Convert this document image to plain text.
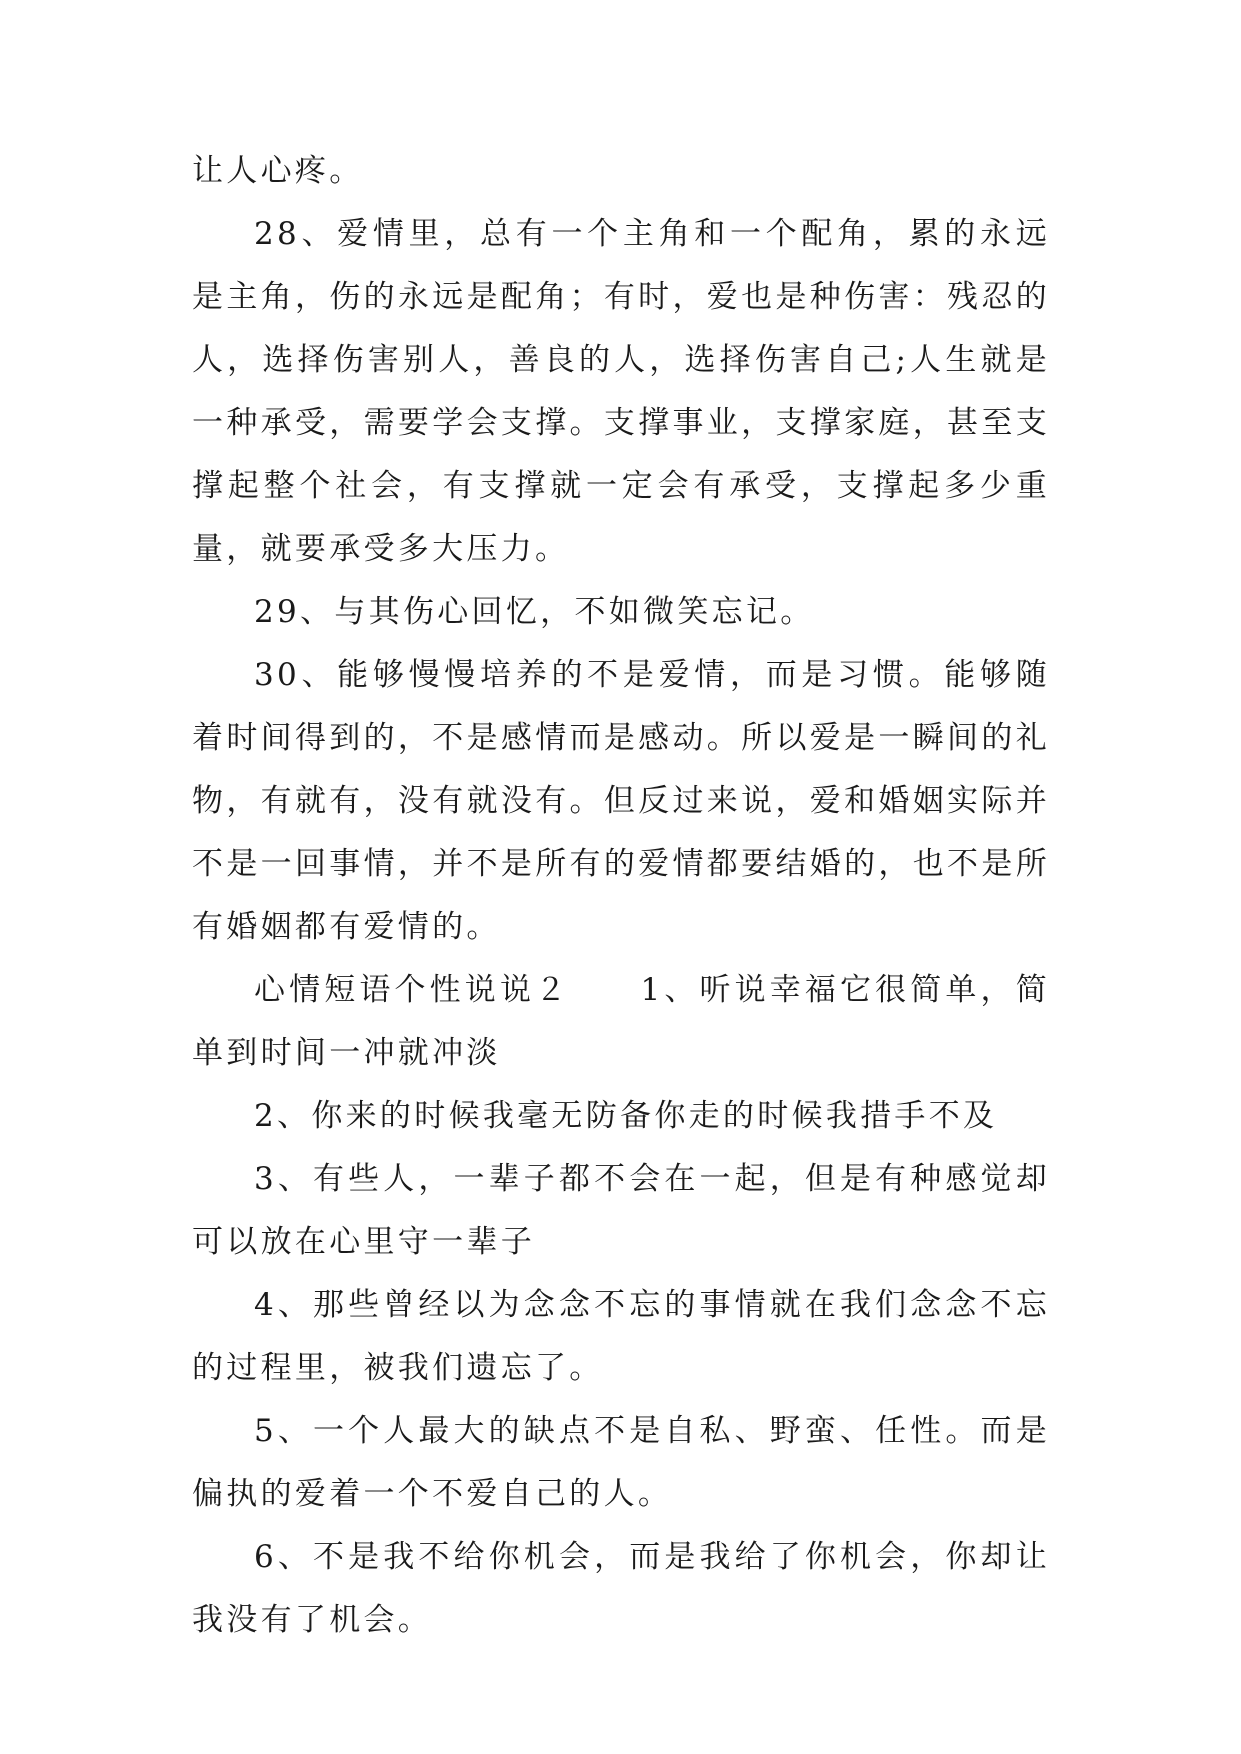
让人心疼。

28、爱情里，总有一个主角和一个配角，累的永远是主角，伤的永远是配角；有时，爱也是种伤害：残忍的人，选择伤害别人，善良的人，选择伤害自己;人生就是一种承受，需要学会支撑。支撑事业，支撑家庭，甚至支撑起整个社会，有支撑就一定会有承受，支撑起多少重量，就要承受多大压力。

29、与其伤心回忆，不如微笑忘记。

30、能够慢慢培养的不是爱情，而是习惯。能够随着时间得到的，不是感情而是感动。所以爱是一瞬间的礼物，有就有，没有就没有。但反过来说，爱和婚姻实际并不是一回事情，并不是所有的爱情都要结婚的，也不是所有婚姻都有爱情的。

心情短语个性说说２　　1、听说幸福它很简单，简单到时间一冲就冲淡

2、你来的时候我毫无防备你走的时候我措手不及

3、有些人，一辈子都不会在一起，但是有种感觉却可以放在心里守一辈子

4、那些曾经以为念念不忘的事情就在我们念念不忘的过程里，被我们遗忘了。

5、一个人最大的缺点不是自私、野蛮、任性。而是偏执的爱着一个不爱自己的人。

6、不是我不给你机会，而是我给了你机会，你却让我没有了机会。
